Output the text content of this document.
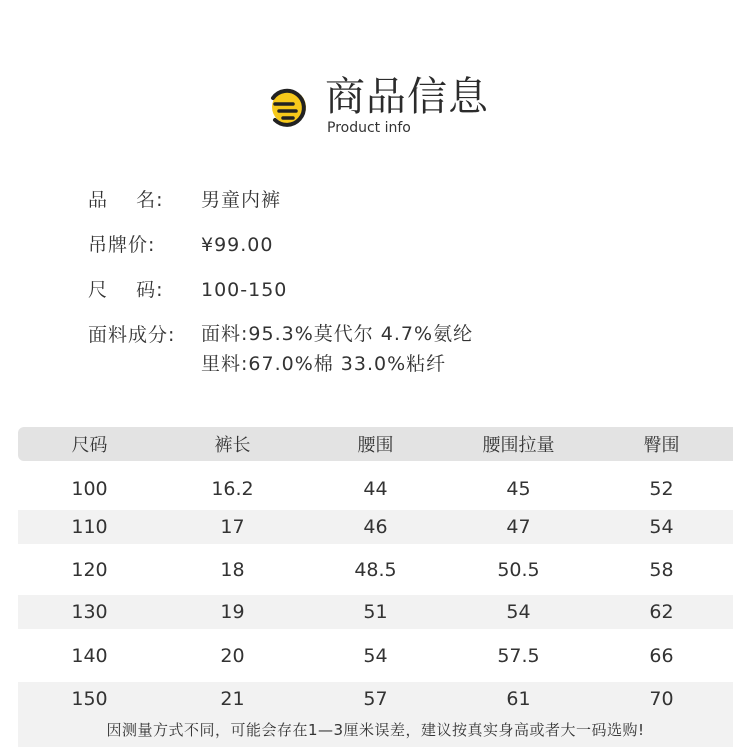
商品信息
Product info
品    名:	男童内裤
吊牌价:	¥99.00
尺    码:	100-150
面料成分:	面料:95.3%莫代尔 4.7%氨纶
里料:67.0%棉 33.0%粘纤
尺码	裤长	腰围	腰围拉量	臀围
100	16.2	44	45	52
110	17	46	47	54
120	18	48.5	50.5	58
130	19	51	54	62
140	20	54	57.5	66
150	21	57	61	70
因测量方式不同，可能会存在1—3厘米误差，建议按真实身高或者大一码选购!
